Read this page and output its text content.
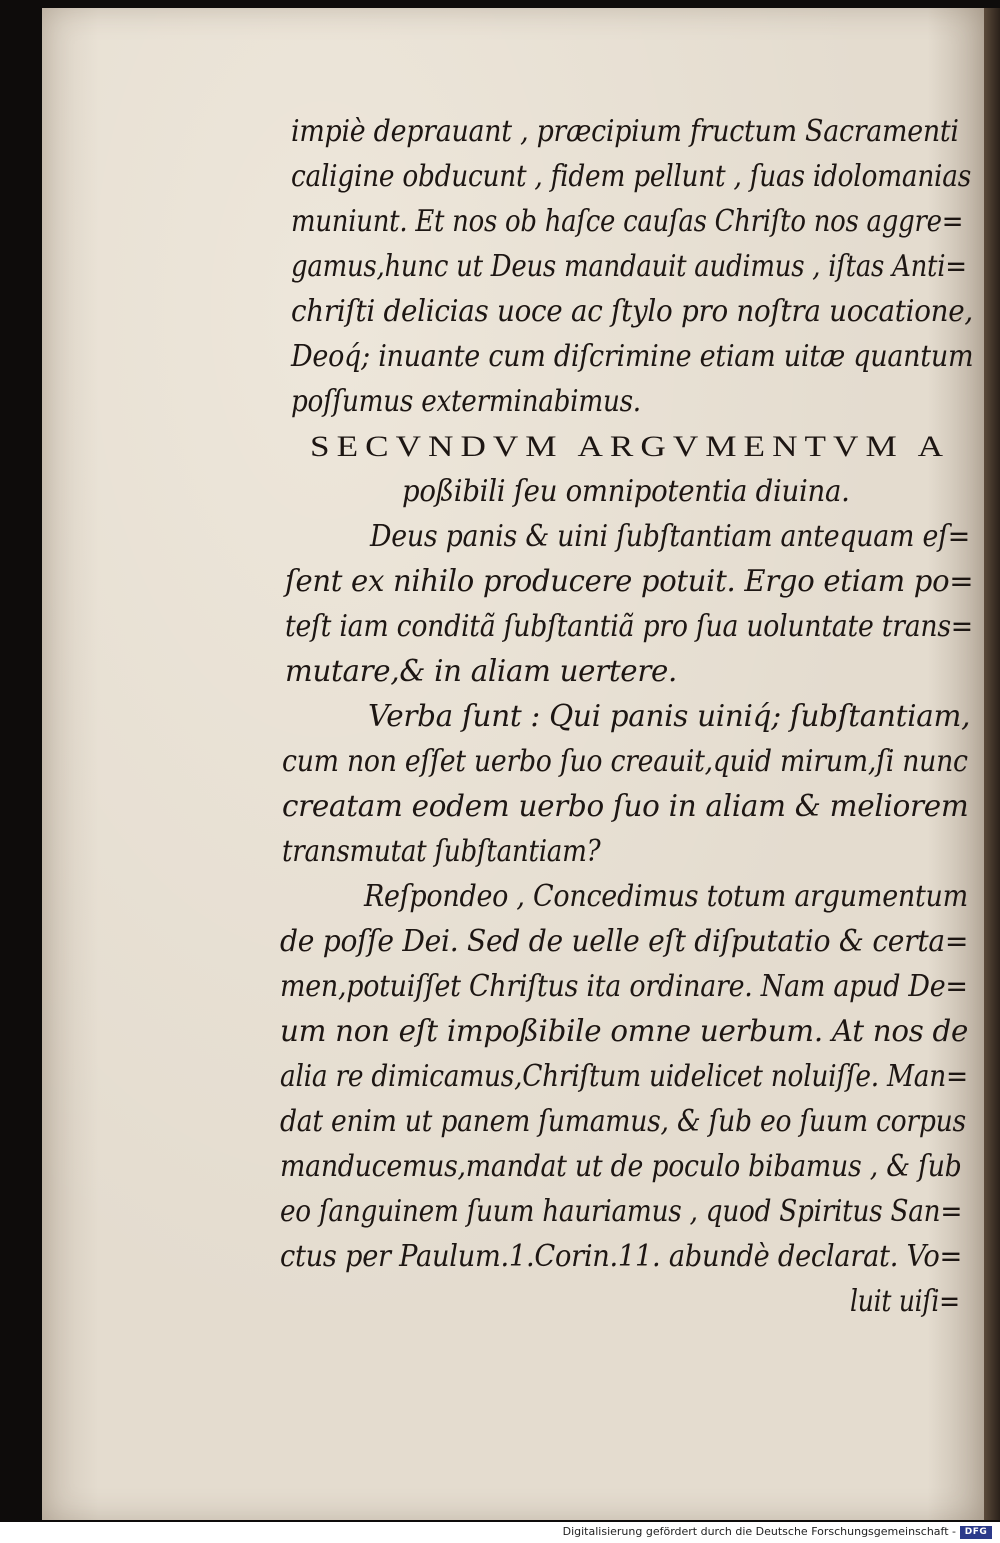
impiè deprauant , præcipium fructum Sacramenti
caligine obducunt , fidem pellunt , ſuas idolomanias
muniunt. Et nos ob haſce cauſas Chriſto nos aggre=
gamus,hunc ut Deus mandauit audimus , iſtas Anti=
chriſti delicias uoce ac ſtylo pro noſtra uocatione,
Deoq́; inuante cum diſcrimine etiam uitæ quantum
poſſumus exterminabimus.
SECVNDVM ARGVMENTVM A
poßibili ſeu omnipotentia diuina.
Deus panis & uini ſubſtantiam antequam eſ=
ſent ex nihilo producere potuit. Ergo etiam po=
teſt iam conditã ſubſtantiã pro ſua uoluntate trans=
mutare,& in aliam uertere.
Verba ſunt : Qui panis uiniq́; ſubſtantiam,
cum non eſſet uerbo ſuo creauit,quid mirum,ſi nunc
creatam eodem uerbo ſuo in aliam & meliorem
transmutat ſubſtantiam?
Reſpondeo , Concedimus totum argumentum
de poſſe Dei. Sed de uelle eſt diſputatio & certa=
men,potuiſſet Chriſtus ita ordinare. Nam apud De=
um non eſt impoßibile omne uerbum. At nos de
alia re dimicamus,Chriſtum uidelicet noluiſſe. Man=
dat enim ut panem ſumamus, & ſub eo ſuum corpus
manducemus,mandat ut de poculo bibamus , & ſub
eo ſanguinem ſuum hauriamus , quod Spiritus San=
ctus per Paulum.1.Corin.11. abundè declarat. Vo=
luit uiſi=
Digitalisierung gefördert durch die Deutsche Forschungsgemeinschaft - DFG
